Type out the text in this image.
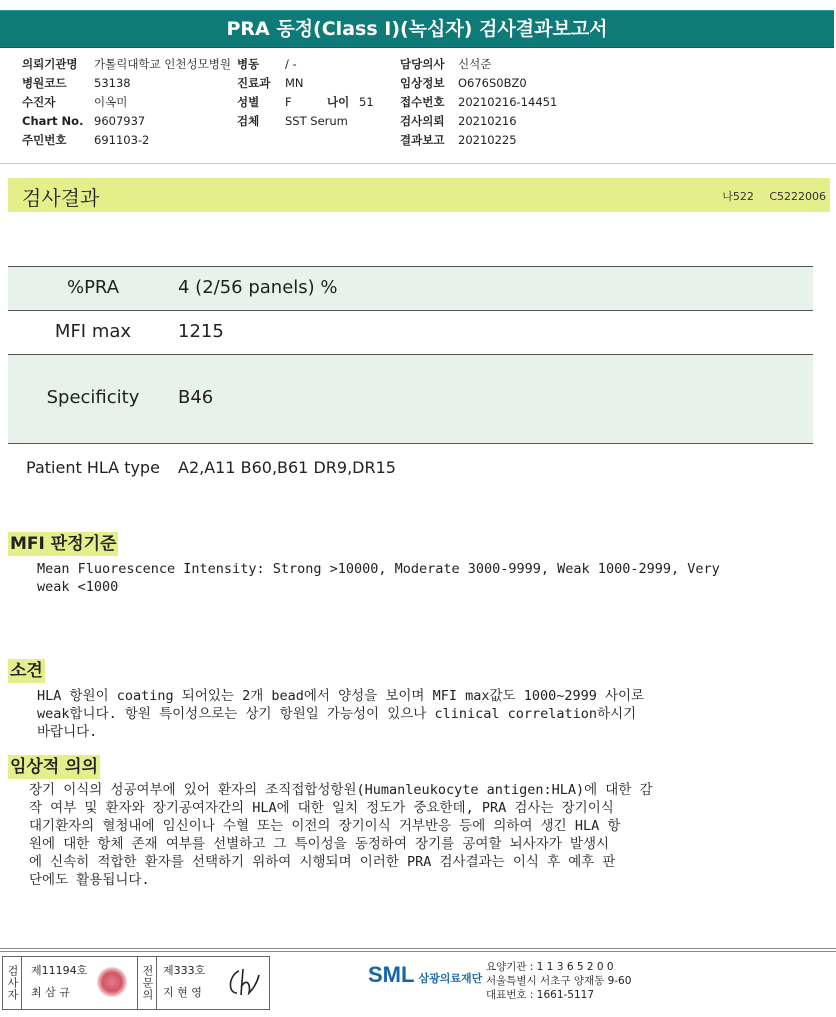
PRA 동정(Class I)(녹십자) 검사결과보고서
의뢰기관명 가톨릭대학교 인천성모병원
병원코드 53138
수진자	이옥미
Chart No. 9607937
주민번호 691103-2
병동 / -
진료과 MN
성별 F	나이 51
검체 SST Serum
담당의사 신석준
임상정보 O676S0BZ0
접수번호 20210216-14451
검사의뢰 20210216
결과보고 20210225
검사결과	나522 C5222006
%PRA	4 (2/56 panels) %
MFI max	1215
Specificity	B46
Patient HLA type	A2,A11 B60,B61 DR9,DR15
MFI 판정기준
Mean Fluorescence Intensity: Strong >10000, Moderate 3000-9999, Weak 1000-2999, Very
weak <1000
소견
HLA 항원이 coating 되어있는 2개 bead에서 양성을 보이며 MFI max값도 1000~2999 사이로
weak합니다. 항원 특이성으로는 상기 항원일 가능성이 있으나 clinical correlation하시기
바랍니다.
임상적 의의
장기 이식의 성공여부에 있어 환자의 조직접합성항원(Humanleukocyte antigen:HLA)에 대한 감
작 여부 및 환자와 장기공여자간의 HLA에 대한 일치 정도가 중요한데, PRA 검사는 장기이식
대기환자의 혈청내에 임신이나 수혈 또는 이전의 장기이식 거부반응 등에 의하여 생긴 HLA 항
원에 대한 항체 존재 여부를 선별하고 그 특이성을 동정하여 장기를 공여할 뇌사자가 발생시
에 신속히 적합한 환자를 선택하기 위하여 시행되며 이러한 PRA 검사결과는 이식 후 예후 판
단에도 활용됩니다.
검사자 제11194호
최 삼 규	전문의 제333호
지 현 영
SML 삼광의료재단
요양기관 : 1 1 3 6 5 2 0 0
서울특별시 서초구 양재동 9-60
대표번호 : 1661-5117
